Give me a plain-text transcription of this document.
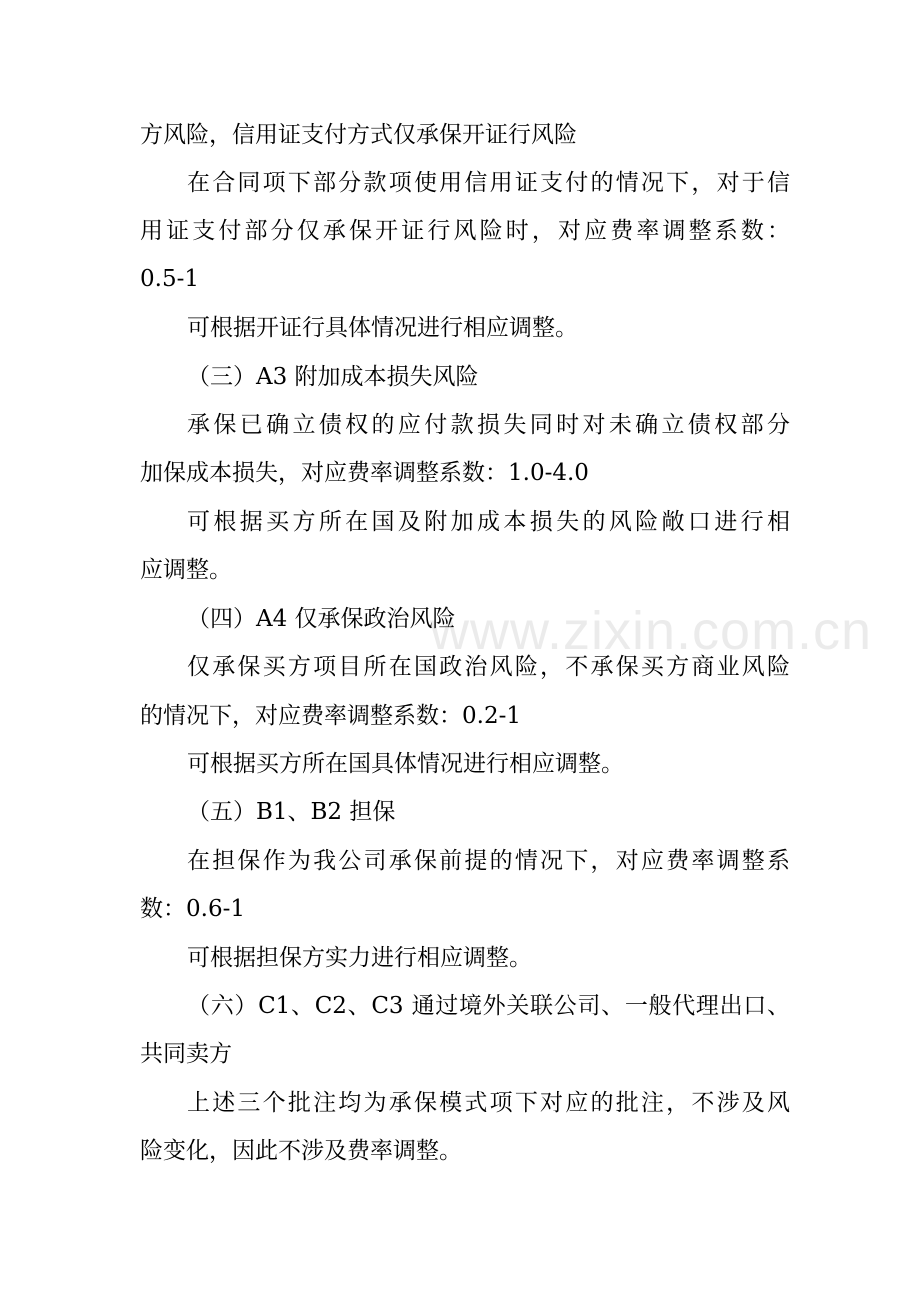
www.zixin.com.cn
方风险，信用证支付方式仅承保开证行风险
在合同项下部分款项使用信用证支付的情况下，对于信
用证支付部分仅承保开证行风险时，对应费率调整系数：
0.5-1
可根据开证行具体情况进行相应调整。
（三）A3 附加成本损失风险
承保已确立债权的应付款损失同时对未确立债权部分
加保成本损失，对应费率调整系数：1.0-4.0
可根据买方所在国及附加成本损失的风险敞口进行相
应调整。
（四）A4 仅承保政治风险
仅承保买方项目所在国政治风险，不承保买方商业风险
的情况下，对应费率调整系数：0.2-1
可根据买方所在国具体情况进行相应调整。
（五）B1、B2 担保
在担保作为我公司承保前提的情况下，对应费率调整系
数：0.6-1
可根据担保方实力进行相应调整。
（六）C1、C2、C3 通过境外关联公司、一般代理出口、
共同卖方
上述三个批注均为承保模式项下对应的批注，不涉及风
险变化，因此不涉及费率调整。
